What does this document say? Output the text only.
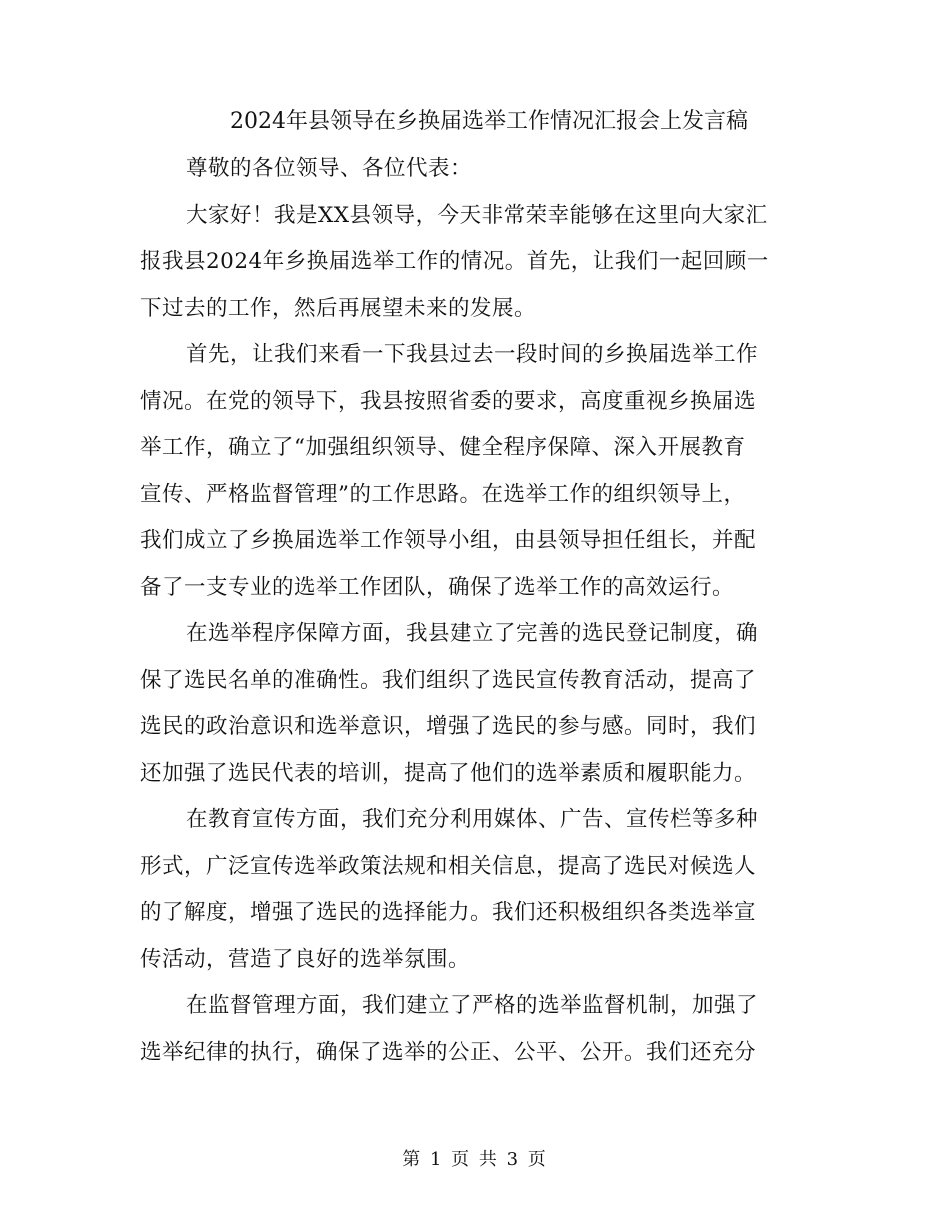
2024年县领导在乡换届选举工作情况汇报会上发言稿
尊敬的各位领导、各位代表：
大家好！我是XX县领导，今天非常荣幸能够在这里向大家汇
报我县2024年乡换届选举工作的情况。首先，让我们一起回顾一
下过去的工作，然后再展望未来的发展。
首先，让我们来看一下我县过去一段时间的乡换届选举工作
情况。在党的领导下，我县按照省委的要求，高度重视乡换届选
举工作，确立了“加强组织领导、健全程序保障、深入开展教育
宣传、严格监督管理”的工作思路。在选举工作的组织领导上，
我们成立了乡换届选举工作领导小组，由县领导担任组长，并配
备了一支专业的选举工作团队，确保了选举工作的高效运行。
在选举程序保障方面，我县建立了完善的选民登记制度，确
保了选民名单的准确性。我们组织了选民宣传教育活动，提高了
选民的政治意识和选举意识，增强了选民的参与感。同时，我们
还加强了选民代表的培训，提高了他们的选举素质和履职能力。
在教育宣传方面，我们充分利用媒体、广告、宣传栏等多种
形式，广泛宣传选举政策法规和相关信息，提高了选民对候选人
的了解度，增强了选民的选择能力。我们还积极组织各类选举宣
传活动，营造了良好的选举氛围。
在监督管理方面，我们建立了严格的选举监督机制，加强了
选举纪律的执行，确保了选举的公正、公平、公开。我们还充分
第 1 页 共 3 页
